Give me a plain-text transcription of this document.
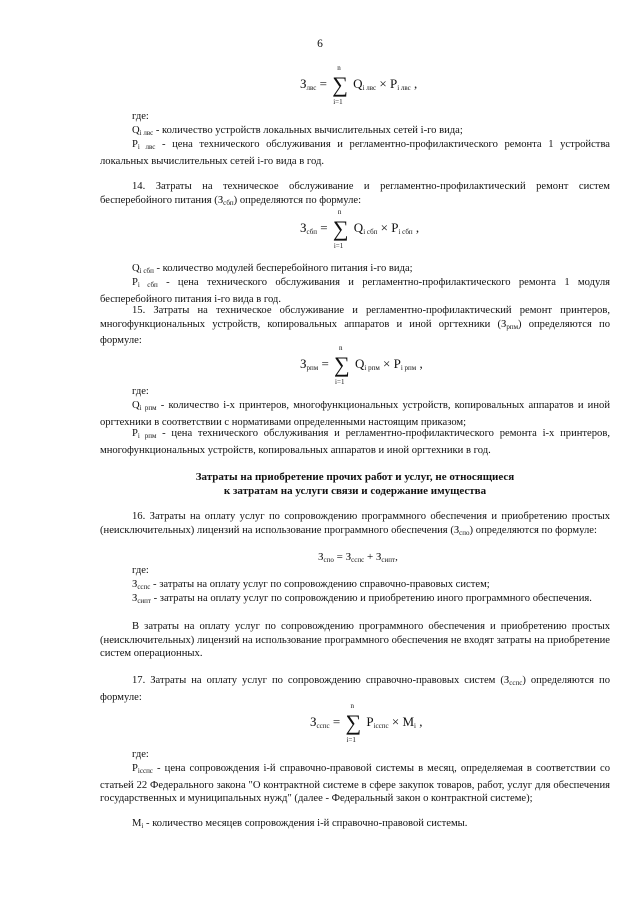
6
$З_{лвс}$ = ∑
n
i=1
$Q_{i лвс} \times P_{i лвс}$ ,
где:
$Q_{i лвс}$ - количество устройств локальных вычислительных сетей i-го вида;
$P_{i лвс}$ - цена технического обслуживания и регламентно-профилактического ремонта 1 устройства локальных вычислительных сетей i-го вида в год.
14. Затраты на техническое обслуживание и регламентно-профилактический ремонт систем бесперебойного питания $(З_{сбп})$ определяются по формуле:
$З_{сбп}$ = ∑
n
i=1
$Q_{i сбп} \times P_{i сбп}$ ,
$Q_{i сбп}$ - количество модулей бесперебойного питания i-го вида;
$P_{i сбп}$ - цена технического обслуживания и регламентно-профилактического ремонта 1 модуля бесперебойного питания i-го вида в год.
15. Затраты на техническое обслуживание и регламентно-профилактический ремонт принтеров, многофункциональных устройств, копировальных аппаратов и иной оргтехники $(З_{рпм})$ определяются по формуле:
$З_{рпм}$ = ∑
n
i=1
$Q_{i рпм} \times P_{i рпм}$ ,
где:
$Q_{i рпм}$ - количество i-х принтеров, многофункциональных устройств, копировальных аппаратов и иной оргтехники в соответствии с нормативами определенными настоящим приказом;
$P_{i рпм}$ - цена технического обслуживания и регламентно-профилактического ремонта i-х принтеров, многофункциональных устройств, копировальных аппаратов и иной оргтехники в год.
Затраты на приобретение прочих работ и услуг, не относящиеся
к затратам на услуги связи и содержание имущества
16. Затраты на оплату услуг по сопровождению программного обеспечения и приобретению простых (неисключительных) лицензий на использование программного обеспечения $(З_{спо})$ определяются по формуле:
$З_{спо} = З_{сспс} + З_{сипт}$,
где:
$З_{сспс}$ - затраты на оплату услуг по сопровождению справочно-правовых систем;
$З_{сипт}$ - затраты на оплату услуг по сопровождению и приобретению иного программного обеспечения.
В затраты на оплату услуг по сопровождению программного обеспечения и приобретению простых (неисключительных) лицензий на использование программного обеспечения не входят затраты на приобретение систем операционных.
17. Затраты на оплату услуг по сопровождению справочно-правовых систем $(З_{сспс})$ определяются по формуле:
$З_{сспс}$ = ∑
n
i=1
$P_{iсспс} \times M_i$ ,
где:
$P_{iсспс}$ - цена сопровождения i-й справочно-правовой системы в месяц, определяемая в соответствии со статьей 22 Федерального закона "О контрактной системе в сфере закупок товаров, работ, услуг для обеспечения государственных и муниципальных нужд" (далее - Федеральный закон о контрактной системе);
$M_i$ - количество месяцев сопровождения i-й справочно-правовой системы.
